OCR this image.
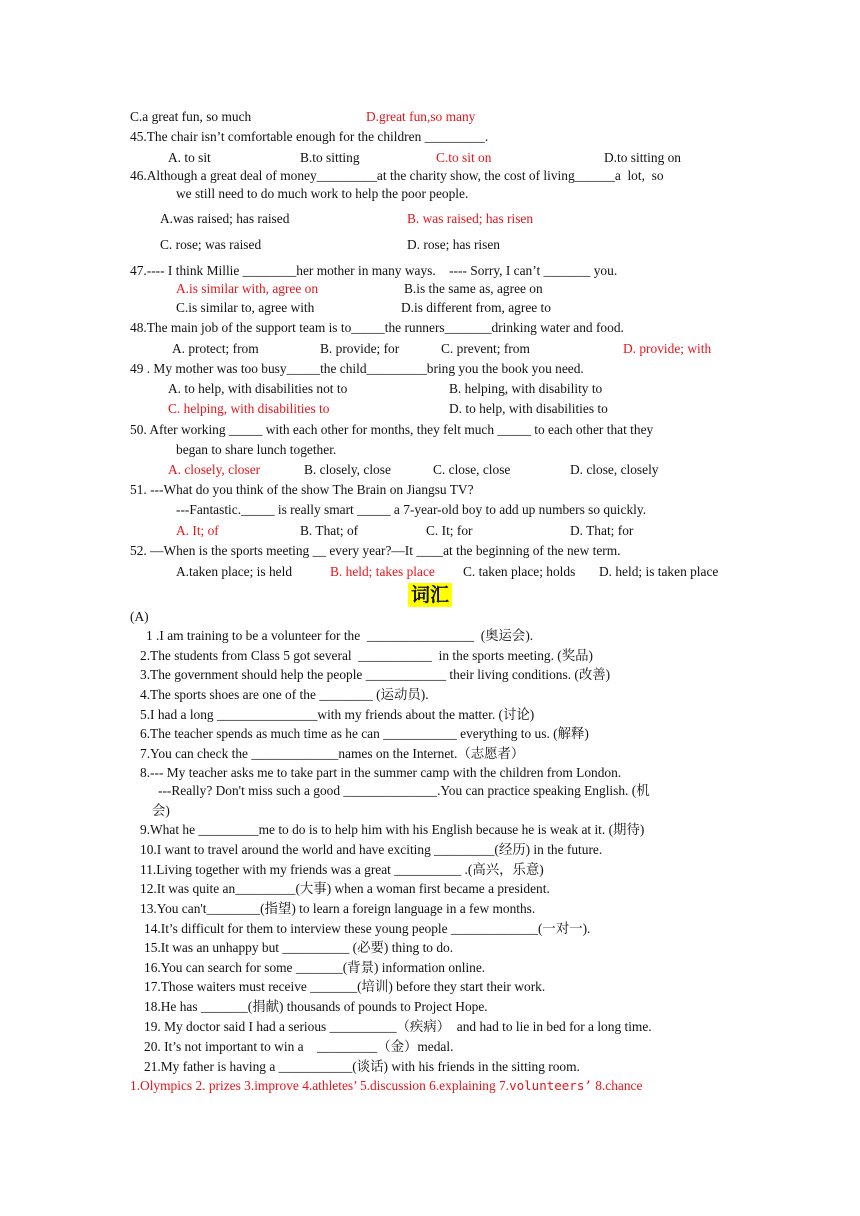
C.a great fun, so much	D.great fun,so many
45.The chair isn’t comfortable enough for the children _________.
A. to sit	B.to sitting	C.to sit on	D.to sitting on
46.Although a great deal of money_________at the charity show, the cost of living______a  lot,  so
we still need to do much work to help the poor people.
A.was raised; has raised	B. was raised; has risen
C. rose; was raised	D. rose; has risen
47.---- I think Millie ________her mother in many ways.    ---- Sorry, I can’t _______ you.
A.is similar with, agree on	B.is the same as, agree on
C.is similar to, agree with	D.is different from, agree to
48.The main job of the support team is to_____the runners_______drinking water and food.
A. protect; from	B. provide; for	C. prevent; from	D. provide; with
49 . My mother was too busy_____the child_________bring you the book you need.
A. to help, with disabilities not to	B. helping, with disability to
C. helping, with disabilities to	D. to help, with disabilities to
50. After working _____ with each other for months, they felt much _____ to each other that they
began to share lunch together.
A. closely, closer	B. closely, close	C. close, close	D. close, closely
51. ---What do you think of the show The Brain on Jiangsu TV?
---Fantastic._____ is really smart _____ a 7-year-old boy to add up numbers so quickly.
A. It; of	B. That; of	C. It; for	D. That; for
52. —When is the sports meeting __ every year?—It ____at the beginning of the new term.
A.taken place; is held	B. held; takes place C. taken place; holds D. held; is taken place
词汇
(A)
1 .I am training to be a volunteer for the  ________________  (奥运会).
2.The students from Class 5 got several  ___________  in the sports meeting. (奖品)
3.The government should help the people ____________ their living conditions. (改善)
4.The sports shoes are one of the ________ (运动员).
5.I had a long _______________with my friends about the matter. (讨论)
6.The teacher spends as much time as he can ___________ everything to us. (解释)
7.You can check the _____________names on the Internet.（志愿者）
8.--- My teacher asks me to take part in the summer camp with the children from London.
---Really? Don't miss such a good ______________.You can practice speaking English. (机
会)
9.What he _________me to do is to help him with his English because he is weak at it. (期待)
10.I want to travel around the world and have exciting _________(经历) in the future.
11.Living together with my friends was a great __________ .(高兴，乐意)
12.It was quite an_________(大事) when a woman first became a president.
13.You can't________(指望) to learn a foreign language in a few months.
14.It’s difficult for them to interview these young people _____________(一对一).
15.It was an unhappy but __________ (必要) thing to do.
16.You can search for some _______(背景) information online.
17.Those waiters must receive _______(培训) before they start their work.
18.He has _______(捐献) thousands of pounds to Project Hope.
19. My doctor said I had a serious __________（疾病）  and had to lie in bed for a long time.
20. It’s not important to win a    _________（金）medal.
21.My father is having a ___________(谈话) with his friends in the sitting room.
1.Olympics 2. prizes 3.improve 4.athletes’ 5.discussion 6.explaining 7.volunteers’ 8.chance
